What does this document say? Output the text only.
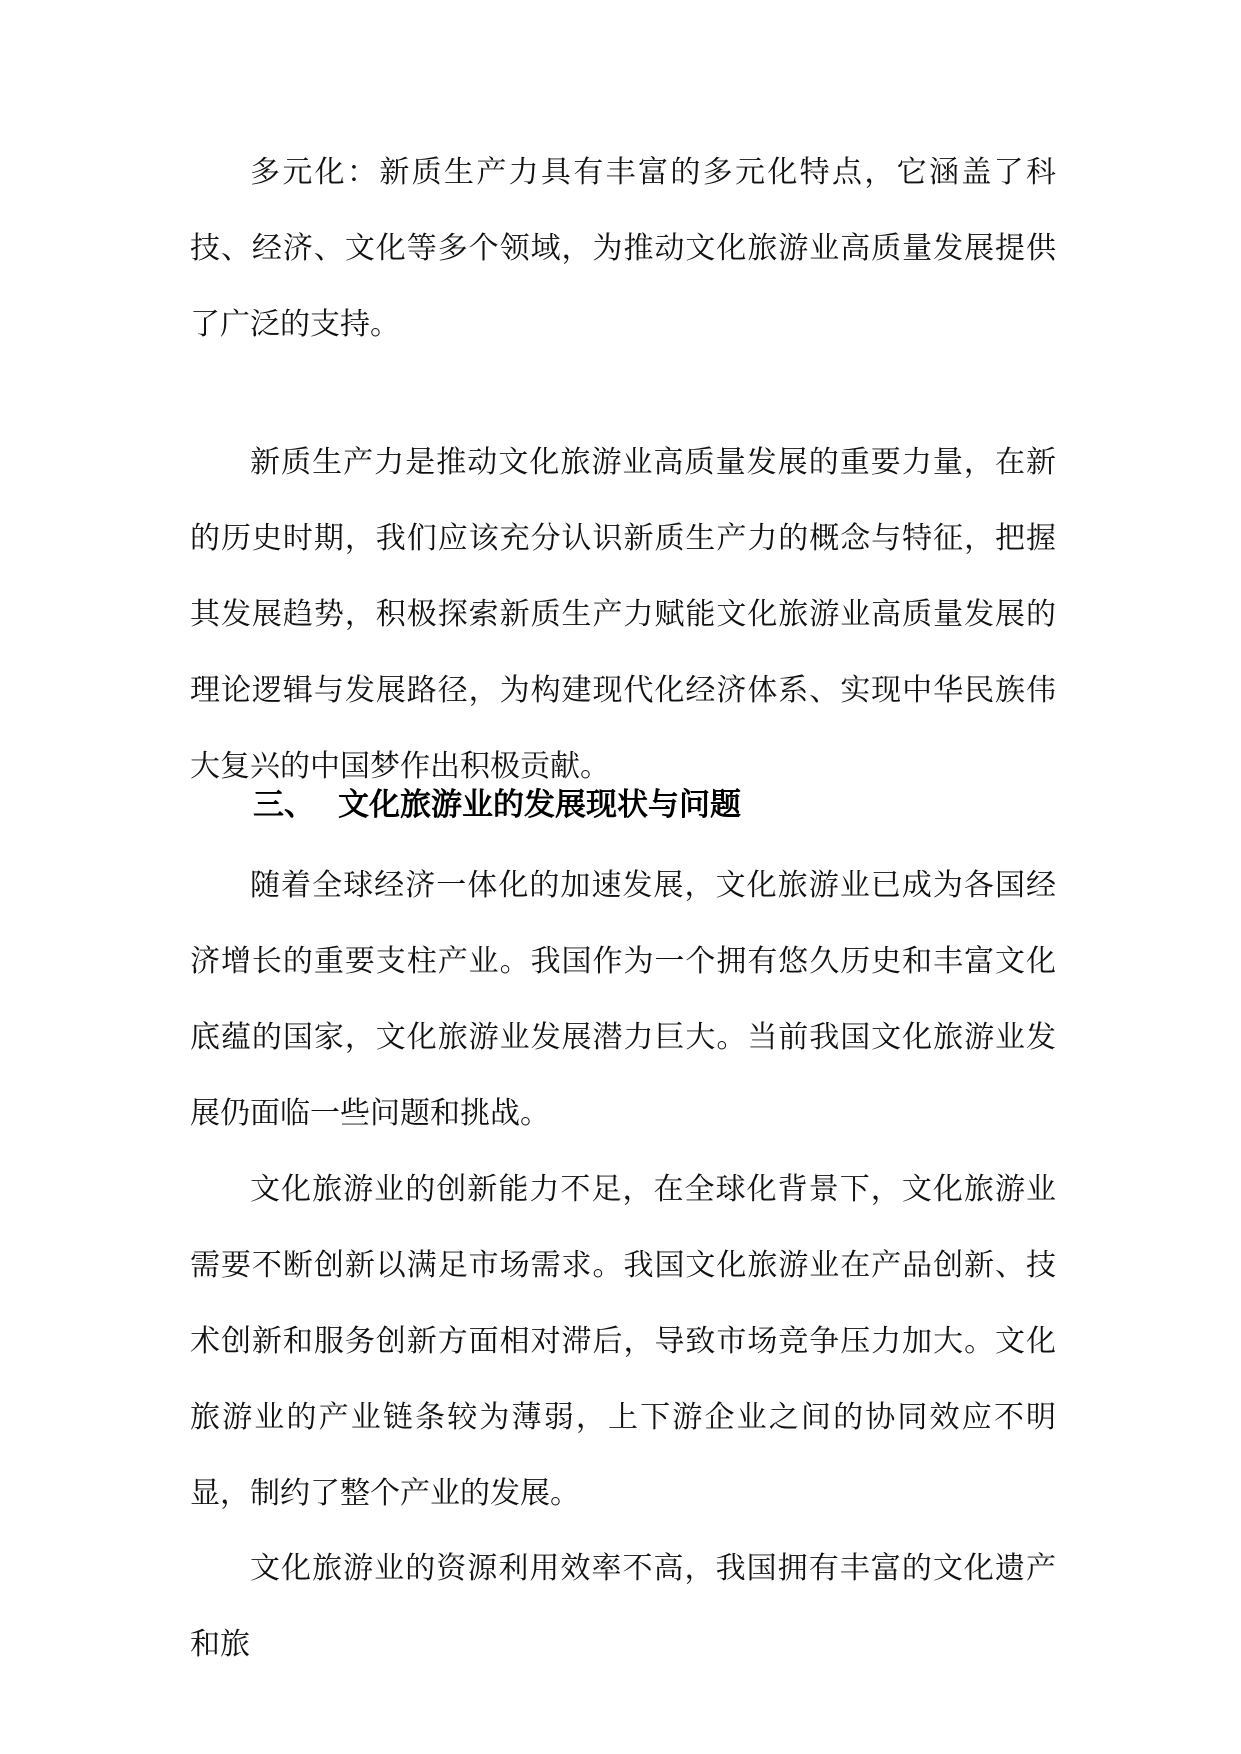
多元化：新质生产力具有丰富的多元化特点，它涵盖了科技、经济、文化等多个领域，为推动文化旅游业高质量发展提供了广泛的支持。

新质生产力是推动文化旅游业高质量发展的重要力量，在新的历史时期，我们应该充分认识新质生产力的概念与特征，把握其发展趋势，积极探索新质生产力赋能文化旅游业高质量发展的理论逻辑与发展路径，为构建现代化经济体系、实现中华民族伟大复兴的中国梦作出积极贡献。

三、 文化旅游业的发展现状与问题

随着全球经济一体化的加速发展，文化旅游业已成为各国经济增长的重要支柱产业。我国作为一个拥有悠久历史和丰富文化底蕴的国家，文化旅游业发展潜力巨大。当前我国文化旅游业发展仍面临一些问题和挑战。

文化旅游业的创新能力不足，在全球化背景下，文化旅游业需要不断创新以满足市场需求。我国文化旅游业在产品创新、技术创新和服务创新方面相对滞后，导致市场竞争压力加大。文化旅游业的产业链条较为薄弱，上下游企业之间的协同效应不明显，制约了整个产业的发展。

文化旅游业的资源利用效率不高，我国拥有丰富的文化遗产和旅
